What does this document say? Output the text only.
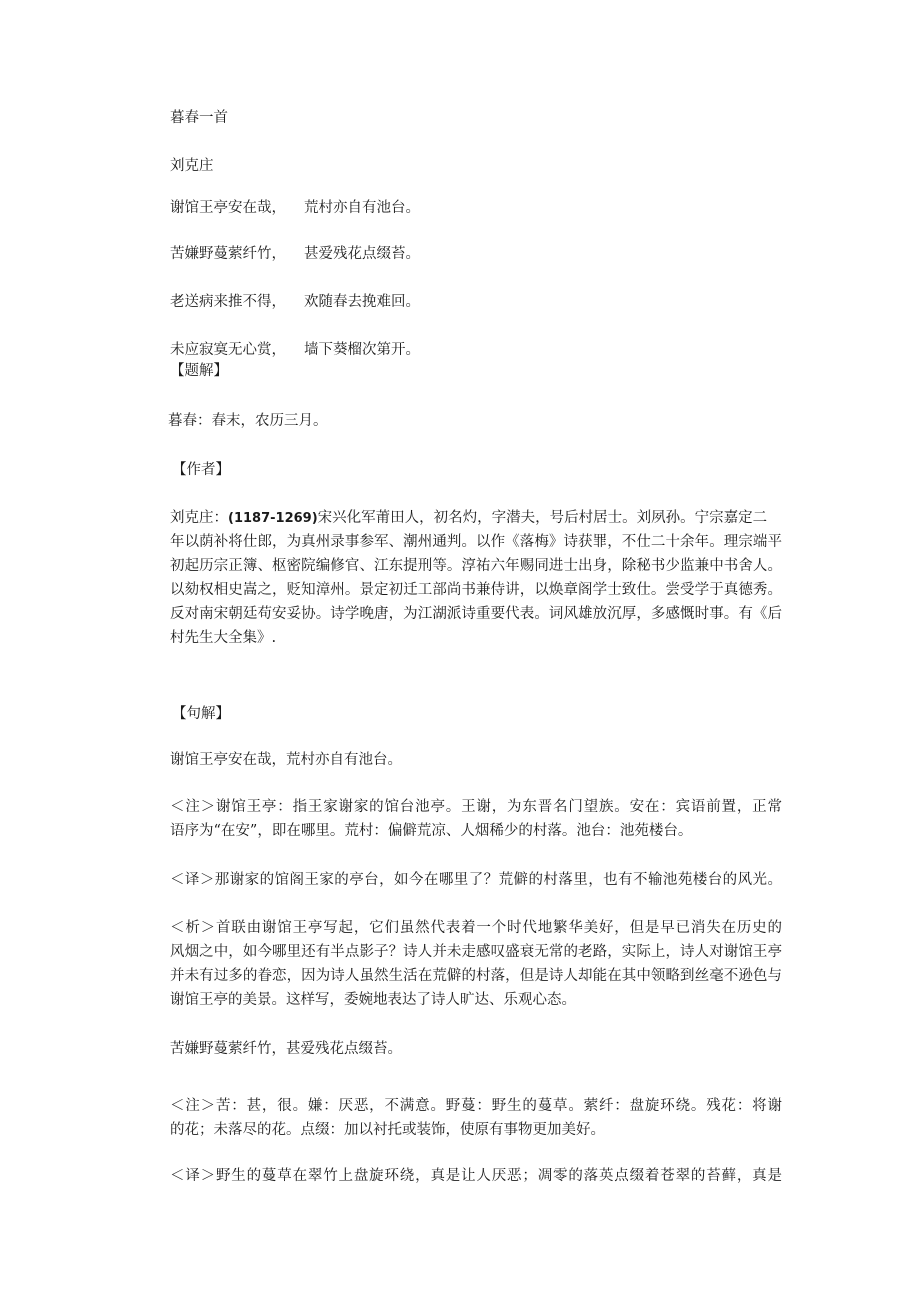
暮春一首

刘克庄

谢馆王亭安在哉， 荒村亦自有池台。

苦嫌野蔓萦纤竹， 甚爱残花点缀苔。

老送病来推不得， 欢随春去挽难回。

未应寂寞无心赏， 墙下葵榴次第开。

【题解】

暮春：春末，农历三月。

【作者】

刘克庄：(1187-1269)宋兴化军莆田人，初名灼，字潜夫，号后村居士。刘夙孙。宁宗嘉定二

年以荫补将仕郎，为真州录事参军、潮州通判。以作《落梅》诗获罪，不仕二十余年。理宗端平

初起历宗正簿、枢密院编修官、江东提刑等。淳祐六年赐同进士出身，除秘书少监兼中书舍人。

以劾权相史嵩之，贬知漳州。景定初迁工部尚书兼侍讲，以焕章阁学士致仕。尝受学于真德秀。

反对南宋朝廷苟安妥协。诗学晚唐，为江湖派诗重要代表。词风雄放沉厚，多感慨时事。有《后

村先生大全集》.

【句解】

谢馆王亭安在哉，荒村亦自有池台。

＜注＞谢馆王亭：指王家谢家的馆台池亭。王谢，为东晋名门望族。安在：宾语前置，正常

语序为“在安”，即在哪里。荒村：偏僻荒凉、人烟稀少的村落。池台：池苑楼台。

＜译＞那谢家的馆阁王家的亭台，如今在哪里了？荒僻的村落里，也有不输池苑楼台的风光。

＜析＞首联由谢馆王亭写起，它们虽然代表着一个时代地繁华美好，但是早已消失在历史的

风烟之中，如今哪里还有半点影子？诗人并未走感叹盛衰无常的老路，实际上，诗人对谢馆王亭

并未有过多的眷恋，因为诗人虽然生活在荒僻的村落，但是诗人却能在其中领略到丝毫不逊色与

谢馆王亭的美景。这样写，委婉地表达了诗人旷达、乐观心态。

苦嫌野蔓萦纤竹，甚爱残花点缀苔。

＜注＞苦：甚，很。嫌：厌恶，不满意。野蔓：野生的蔓草。萦纤：盘旋环绕。残花：将谢

的花；未落尽的花。点缀：加以衬托或装饰，使原有事物更加美好。

＜译＞野生的蔓草在翠竹上盘旋环绕，真是让人厌恶；凋零的落英点缀着苍翠的苔藓，真是
